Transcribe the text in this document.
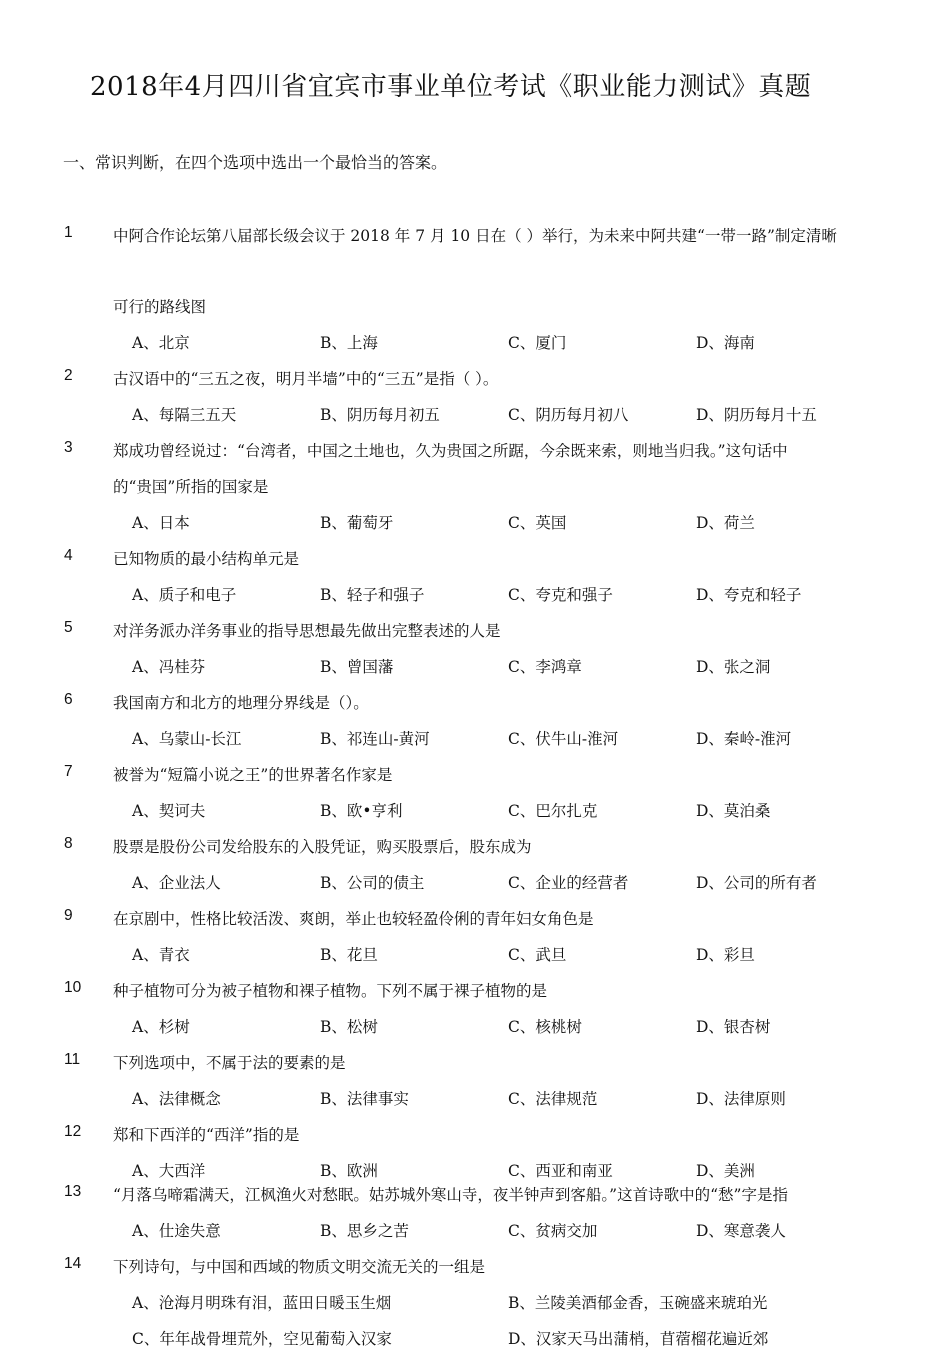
2018年4月四川省宜宾市事业单位考试《职业能力测试》真题
一、常识判断，在四个选项中选出一个最恰当的答案。
1	中阿合作论坛第八届部长级会议于 2018 年 7 月 10 日在（ ）举行，为未来中阿共建“一带一路”制定清晰
可行的路线图
A、北京	B、上海	C、厦门	D、海南
2	古汉语中的“三五之夜，明月半墙”中的“三五”是指（ ）。
A、每隔三五天	B、阴历每月初五	C、阴历每月初八	D、阴历每月十五
3	郑成功曾经说过：“台湾者，中国之土地也，久为贵国之所踞，今余既来索，则地当归我。”这句话中
的“贵国”所指的国家是
A、日本	B、葡萄牙	C、英国	D、荷兰
4	已知物质的最小结构单元是
A、质子和电子	B、轻子和强子	C、夸克和强子	D、夸克和轻子
5	对洋务派办洋务事业的指导思想最先做出完整表述的人是
A、冯桂芬	B、曾国藩	C、李鸿章	D、张之洞
6	我国南方和北方的地理分界线是（）。
A、乌蒙山-长江	B、祁连山-黄河	C、伏牛山-淮河	D、秦岭-淮河
7	被誉为“短篇小说之王”的世界著名作家是
A、契诃夫	B、欧•亨利	C、巴尔扎克	D、莫泊桑
8	股票是股份公司发给股东的入股凭证，购买股票后，股东成为
A、企业法人	B、公司的债主	C、企业的经营者	D、公司的所有者
9	在京剧中，性格比较活泼、爽朗，举止也较轻盈伶俐的青年妇女角色是
A、青衣	B、花旦	C、武旦	D、彩旦
10 种子植物可分为被子植物和裸子植物。下列不属于裸子植物的是
A、杉树	B、松树	C、核桃树	D、银杏树
11 下列选项中，不属于法的要素的是
A、法律概念	B、法律事实	C、法律规范	D、法律原则
12 郑和下西洋的“西洋”指的是
A、大西洋	B、欧洲	C、西亚和南亚	D、美洲
13 “月落乌啼霜满天，江枫渔火对愁眠。姑苏城外寒山寺，夜半钟声到客船。”这首诗歌中的“愁”字是指
A、仕途失意	B、思乡之苦	C、贫病交加	D、寒意袭人
14 下列诗句，与中国和西域的物质文明交流无关的一组是
A、沧海月明珠有泪，蓝田日暖玉生烟	B、兰陵美酒郁金香，玉碗盛来琥珀光
C、年年战骨埋荒外，空见葡萄入汉家	D、汉家天马出蒲梢，苜蓿榴花遍近郊
